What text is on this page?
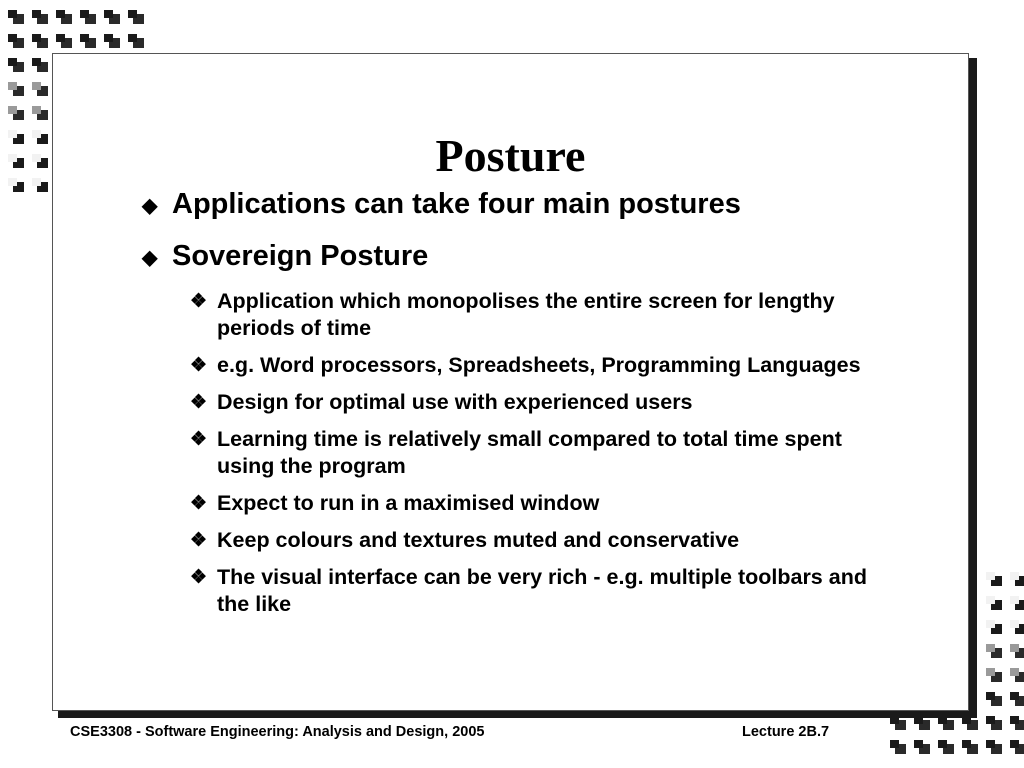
Posture
◆ Applications can take four main postures
◆ Sovereign Posture
❖ Application which monopolises the entire screen for lengthy periods of time
❖ e.g. Word processors, Spreadsheets, Programming Languages
❖ Design for optimal use with experienced users
❖ Learning time is relatively small compared to total time spent using the program
❖ Expect to run in a maximised window
❖ Keep colours and textures muted and conservative
❖ The visual interface can be very rich - e.g. multiple toolbars and the like
CSE3308 - Software Engineering: Analysis and Design, 2005	Lecture 2B.7
